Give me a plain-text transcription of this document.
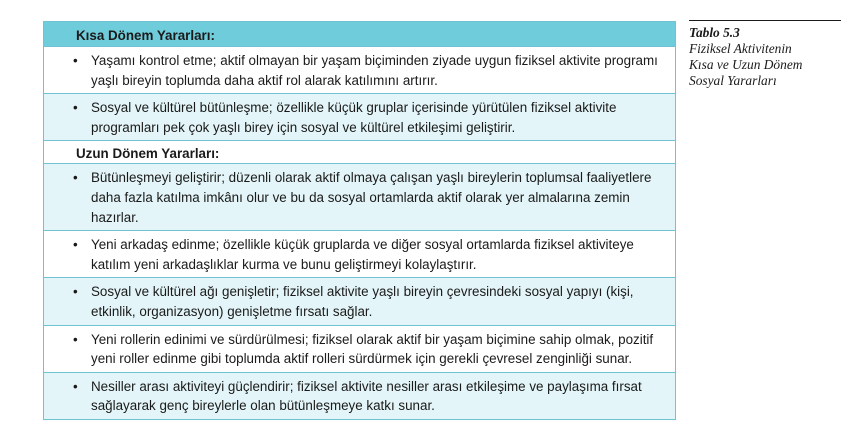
Kısa Dönem Yararları:
• Yaşamı kontrol etme; aktif olmayan bir yaşam biçiminden ziyade uygun fiziksel aktivite programı yaşlı bireyin toplumda daha aktif rol alarak katılımını artırır.
• Sosyal ve kültürel bütünleşme; özellikle küçük gruplar içerisinde yürütülen fiziksel aktivite programları pek çok yaşlı birey için sosyal ve kültürel etkileşimi geliştirir.
Uzun Dönem Yararları:
• Bütünleşmeyi geliştirir; düzenli olarak aktif olmaya çalışan yaşlı bireylerin toplumsal faaliyetlere daha fazla katılma imkânı olur ve bu da sosyal ortamlarda aktif olarak yer almalarına zemin hazırlar.
• Yeni arkadaş edinme; özellikle küçük gruplarda ve diğer sosyal ortamlarda fiziksel aktiviteye katılım yeni arkadaşlıklar kurma ve bunu geliştirmeyi kolaylaştırır.
• Sosyal ve kültürel ağı genişletir; fiziksel aktivite yaşlı bireyin çevresindeki sosyal yapıyı (kişi, etkinlik, organizasyon) genişletme fırsatı sağlar.
• Yeni rollerin edinimi ve sürdürülmesi; fiziksel olarak aktif bir yaşam biçimine sahip olmak, pozitif yeni roller edinme gibi toplumda aktif rolleri sürdürmek için gerekli çevresel zenginliği sunar.
• Nesiller arası aktiviteyi güçlendirir; fiziksel aktivite nesiller arası etkileşime ve paylaşıma fırsat sağlayarak genç bireylerle olan bütünleşmeye katkı sunar.
Tablo 5.3
Fiziksel Aktivitenin
Kısa ve Uzun Dönem
Sosyal Yararları
